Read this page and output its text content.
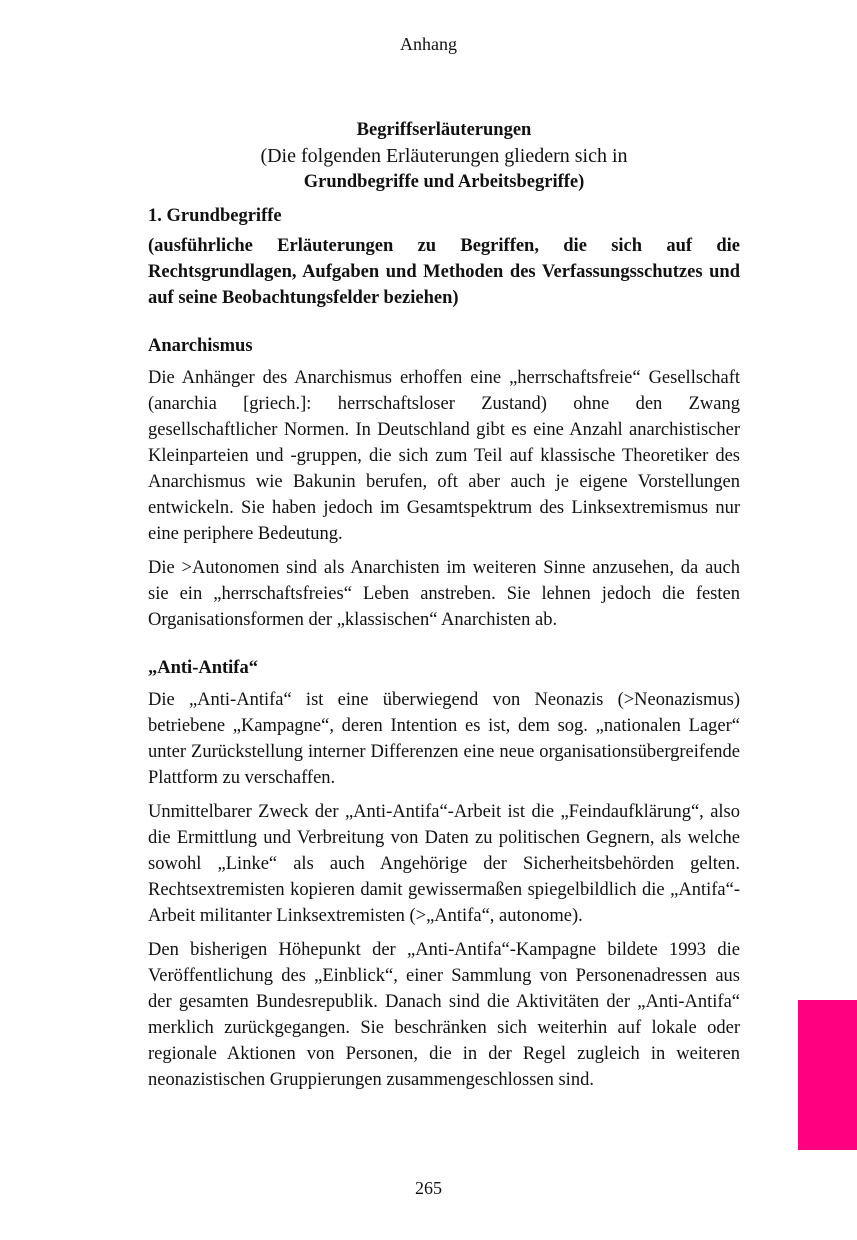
Anhang
Begriffserläuterungen
(Die folgenden Erläuterungen gliedern sich in
Grundbegriffe und Arbeitsbegriffe)
1. Grundbegriffe
(ausführliche Erläuterungen zu Begriffen, die sich auf die Rechtsgrundlagen, Aufgaben und Methoden des Verfassungsschutzes und auf seine Beobachtungsfelder beziehen)
Anarchismus

Die Anhänger des Anarchismus erhoffen eine „herrschaftsfreie“ Gesellschaft (anarchia [griech.]: herrschaftsloser Zustand) ohne den Zwang gesellschaftlicher Normen. In Deutschland gibt es eine Anzahl anarchistischer Kleinparteien und -gruppen, die sich zum Teil auf klassische Theoretiker des Anarchismus wie Bakunin berufen, oft aber auch je eigene Vorstellungen entwickeln. Sie haben jedoch im Gesamtspektrum des Linksextremismus nur eine periphere Bedeutung.

Die >Autonomen sind als Anarchisten im weiteren Sinne anzusehen, da auch sie ein „herrschaftsfreies“ Leben anstreben. Sie lehnen jedoch die festen Organisationsformen der „klassischen“ Anarchisten ab.

„Anti-Antifa“

Die „Anti-Antifa“ ist eine überwiegend von Neonazis (>Neonazismus) betriebene „Kampagne“, deren Intention es ist, dem sog. „nationalen Lager“ unter Zurückstellung interner Differenzen eine neue organisationsübergreifende Plattform zu verschaffen.

Unmittelbarer Zweck der „Anti-Antifa“-Arbeit ist die „Feindaufklärung“, also die Ermittlung und Verbreitung von Daten zu politischen Gegnern, als welche sowohl „Linke“ als auch Angehörige der Sicherheitsbehörden gelten. Rechtsextremisten kopieren damit gewissermaßen spiegelbildlich die „Antifa“-Arbeit militanter Linksextremisten (>„Antifa“, autonome).

Den bisherigen Höhepunkt der „Anti-Antifa“-Kampagne bildete 1993 die Veröffentlichung des „Einblick“, einer Sammlung von Personenadressen aus der gesamten Bundesrepublik. Danach sind die Aktivitäten der „Anti-Antifa“ merklich zurückgegangen. Sie beschränken sich weiterhin auf lokale oder regionale Aktionen von Personen, die in der Regel zugleich in weiteren neonazistischen Gruppierungen zusammengeschlossen sind.

265
